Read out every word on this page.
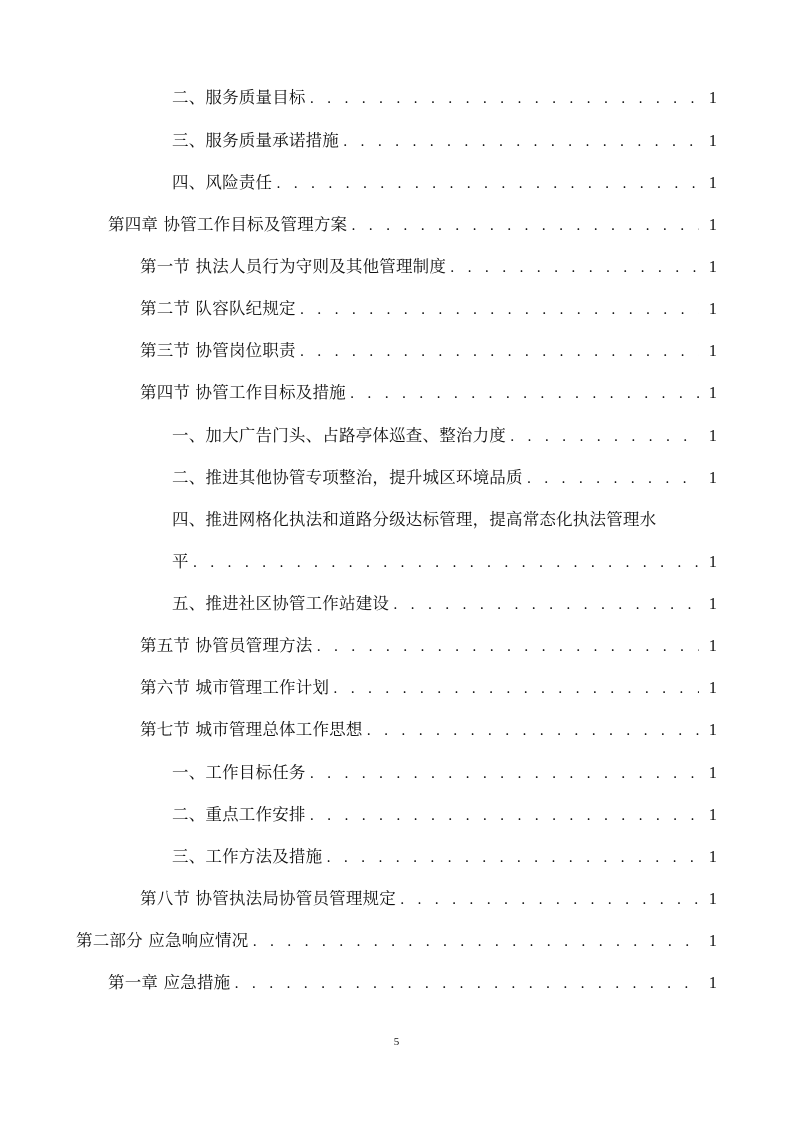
二、服务质量目标 . . .	1
三、服务质量承诺措施 . . .	1
四、风险责任 . . .	1
第四章 协管工作目标及管理方案 . . .	1
第一节 执法人员行为守则及其他管理制度 . . .	1
第二节 队容队纪规定 . . .	1
第三节 协管岗位职责 . . .	1
第四节 协管工作目标及措施 . . .	1
一、加大广告门头、占路亭体巡查、整治力度 . . .	1
二、推进其他协管专项整治，提升城区环境品质 . . .	1
四、推进网格化执法和道路分级达标管理，提高常态化执法管理水
平 . . .	1
五、推进社区协管工作站建设 . . .	1
第五节 协管员管理方法 . . .	1
第六节 城市管理工作计划 . . .	1
第七节 城市管理总体工作思想 . . .	1
一、工作目标任务 . . .	1
二、重点工作安排 . . .	1
三、工作方法及措施 . . .	1
第八节 协管执法局协管员管理规定 . . .	1
第二部分 应急响应情况 . . .	1
第一章 应急措施 . . .	1
5
